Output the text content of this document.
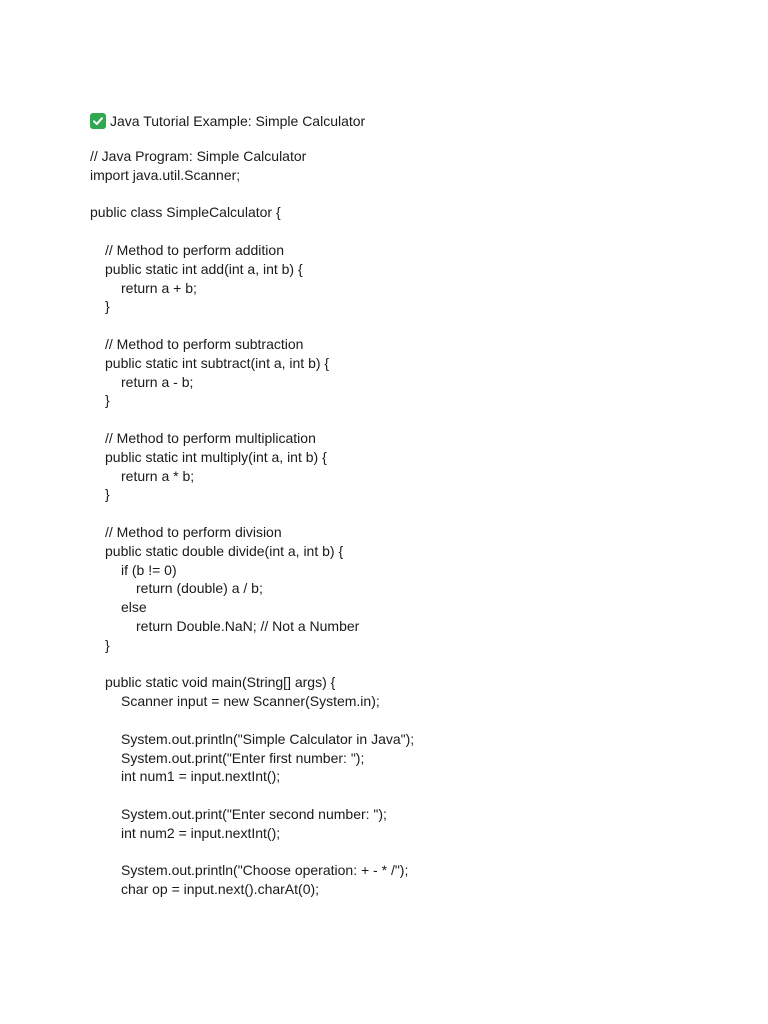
Java Tutorial Example: Simple Calculator
// Java Program: Simple Calculator
import java.util.Scanner;
public class SimpleCalculator {
// Method to perform addition
public static int add(int a, int b) {
return a + b;
}
// Method to perform subtraction
public static int subtract(int a, int b) {
return a - b;
}
// Method to perform multiplication
public static int multiply(int a, int b) {
return a * b;
}
// Method to perform division
public static double divide(int a, int b) {
if (b != 0)
return (double) a / b;
else
return Double.NaN; // Not a Number
}
public static void main(String[] args) {
Scanner input = new Scanner(System.in);
System.out.println("Simple Calculator in Java");
System.out.print("Enter first number: ");
int num1 = input.nextInt();
System.out.print("Enter second number: ");
int num2 = input.nextInt();
System.out.println("Choose operation: + - * /");
char op = input.next().charAt(0);
